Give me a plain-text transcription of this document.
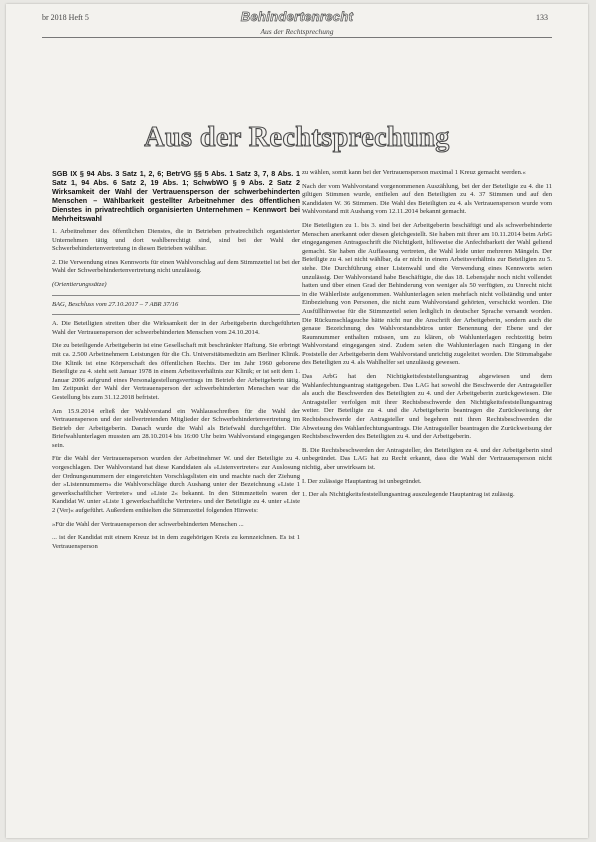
br 2018 Heft 5	Behindertenrecht
Aus der Rechtsprechung
133
Aus der Rechtsprechung

SGB IX § 94 Abs. 3 Satz 1, 2, 6; BetrVG §§ 5 Abs. 1 Satz 3, 7, 8 Abs. 1 Satz 1, 94 Abs. 6 Satz 2, 19 Abs. 1; SchwbWO § 9 Abs. 2 Satz 2 Wirksamkeit der Wahl der Vertrauensperson der schwerbehinderten Menschen – Wählbarkeit gestellter Arbeitnehmer des öffentlichen Dienstes in privatrechtlich organisierten Unternehmen – Kennwort bei Mehrheitswahl

1. Arbeitnehmer des öffentlichen Dienstes, die in Betrieben privatrechtlich organisierter Unternehmen tätig und dort wahlberechtigt sind, sind bei der Wahl der Schwerbehindertenvertretung in diesen Betrieben wählbar.

2. Die Verwendung eines Kennworts für einen Wahlvorschlag auf dem Stimmzettel ist bei der Wahl der Schwerbehindertenvertretung nicht unzulässig.

(Orientierungssätze)

BAG, Beschluss vom 27.10.2017 – 7 ABR 37/16

A. Die Beteiligten streiten über die Wirksamkeit der in der Arbeitgeberin durchgeführten Wahl der Vertrauensperson der schwerbehinderten Menschen vom 24.10.2014.

Die zu beteiligende Arbeitgeberin ist eine Gesellschaft mit beschränkter Haftung. Sie erbringt mit ca. 2.500 Arbeitnehmern Leistungen für die Ch. Universitätsmedizin am Berliner Klinik. Die Klinik ist eine Körperschaft des öffentlichen Rechts. Der im Jahr 1960 geborene Beteiligte zu 4. steht seit Januar 1978 in einem Arbeitsverhältnis zur Klinik; er ist seit dem 1. Januar 2006 aufgrund eines Personalgestellungsvertrags im Betrieb der Arbeitgeberin tätig. Im Zeitpunkt der Wahl der Vertrauensperson der schwerbehinderten Menschen war die Gestellung bis zum 31.12.2018 befristet.

Am 15.9.2014 erließ der Wahlvorstand ein Wahlausschreiben für die Wahl der Vertrauensperson und der stellvertretenden Mitglieder der Schwerbehindertenvertretung im Betrieb der Arbeitgeberin. Danach wurde die Wahl als Briefwahl durchgeführt. Die Briefwahlunterlagen mussten am 28.10.2014 bis 16:00 Uhr beim Wahlvorstand eingegangen sein.

Für die Wahl der Vertrauensperson wurden der Arbeitnehmer W. und der Beteiligte zu 4. vorgeschlagen. Der Wahlvorstand hat diese Kandidaten als »Listenvertreter« zur Auslosung der Ordnungsnummern der eingereichten Vorschlagslisten ein und machte nach der Ziehung der »Listennummern« die Wahlvorschläge durch Aushang unter der Bezeichnung »Liste 1 gewerkschaftlicher Vertreter« und »Liste 2« bekannt. In den Stimmzetteln waren der Kandidat W. unter »Liste 1 gewerkschaftliche Vertreter« und der Beteiligte zu 4. unter »Liste 2 (Ver)« aufgeführt. Außerdem enthielten die Stimmzettel folgenden Hinweis:

»Für die Wahl der Vertrauensperson der schwerbehinderten Menschen ...

... ist der Kandidat mit einem Kreuz ist in dem zugehörigen Kreis zu kennzeichnen. Es ist 1 Vertrauensperson

zu wählen, somit kann bei der Vertrauensperson maximal 1 Kreuz gemacht werden.«

Nach der vom Wahlvorstand vorgenommenen Auszählung, bei der der Beteiligte zu 4. die 11 giltigen Stimmen wurde, entfielen auf den Beteiligten zu 4. 37 Stimmen und auf den Kandidaten W. 36 Stimmen. Die Wahl des Beteiligten zu 4. als Vertrauensperson wurde vom Wahlvorstand mit Aushang vom 12.11.2014 bekannt gemacht.

Die Beteiligten zu 1. bis 3. sind bei der Arbeitgeberin beschäftigt und als schwerbehinderte Menschen anerkannt oder diesen gleichgestellt. Sie haben mit ihrer am 10.11.2014 beim ArbG eingegangenen Antragsschrift die Nichtigkeit, hilfsweise die Anfechtbarkeit der Wahl geltend gemacht. Sie haben die Auffassung vertreten, die Wahl leide unter mehreren Mängeln. Der Beteiligte zu 4. sei nicht wählbar, da er nicht in einem Arbeitsverhältnis zur Beteiligten zu 5. stehe. Die Durchführung einer Listenwahl und die Verwendung eines Kennworts seien unzulässig. Der Wahlvorstand habe Beschäftigte, die das 18. Lebensjahr noch nicht vollendet hatten und über einen Grad der Behinderung von weniger als 50 verfügten, zu Unrecht nicht in die Wählerliste aufgenommen. Wahlunterlagen seien mehrfach nicht vollständig und unter Einbeziehung von Personen, die nicht zum Wahlvorstand gehörten, verschickt worden. Die Ausfüllhinweise für die Stimmzettel seien lediglich in deutscher Sprache versandt worden. Die Rückumschlagsuche hätte nicht nur die Anschrift der Arbeitgeberin, sondern auch die genaue Bezeichnung des Wahlvorstandsbüros unter Benennung der Ebene und der Raumnummer enthalten müssen, um zu klären, ob Wahlunterlagen rechtzeitig beim Wahlvorstand eingegangen sind. Zudem seien die Wahlunterlagen nach Eingang in der Poststelle der Arbeitgeberin dem Wahlvorstand unrichtig zugeleitet worden. Die Stimmabgabe des Beteiligten zu 4. als Wahlhelfer sei unzulässig gewesen.

Das ArbG hat den Nichtigkeitsfeststellungsantrag abgewiesen und dem Wahlanfechtungsantrag stattgegeben. Das LAG hat sowohl die Beschwerde der Antragsteller als auch die Beschwerden des Beteiligten zu 4. und der Arbeitgeberin zurückgewiesen. Die Antragsteller verfolgen mit ihrer Rechtsbeschwerde den Nichtigkeitsfeststellungsantrag weiter. Der Beteiligte zu 4. und die Arbeitgeberin beantragen die Zurückweisung der Rechtsbeschwerde der Antragsteller und begehren mit ihren Rechtsbeschwerden die Abweisung des Wahlanfechtungsantrags. Die Antragsteller beantragen die Zurückweisung der Rechtsbeschwerden des Beteiligten zu 4. und der Arbeitgeberin.

B. Die Rechtsbeschwerden der Antragsteller, des Beteiligten zu 4. und der Arbeitgeberin sind unbegründet. Das LAG hat zu Recht erkannt, dass die Wahl der Vertrauensperson nicht nichtig, aber unwirksam ist.

I. Der zulässige Hauptantrag ist unbegründet.

1. Der als Nichtigkeitsfeststellungsantrag auszulegende Hauptantrag ist zulässig.
